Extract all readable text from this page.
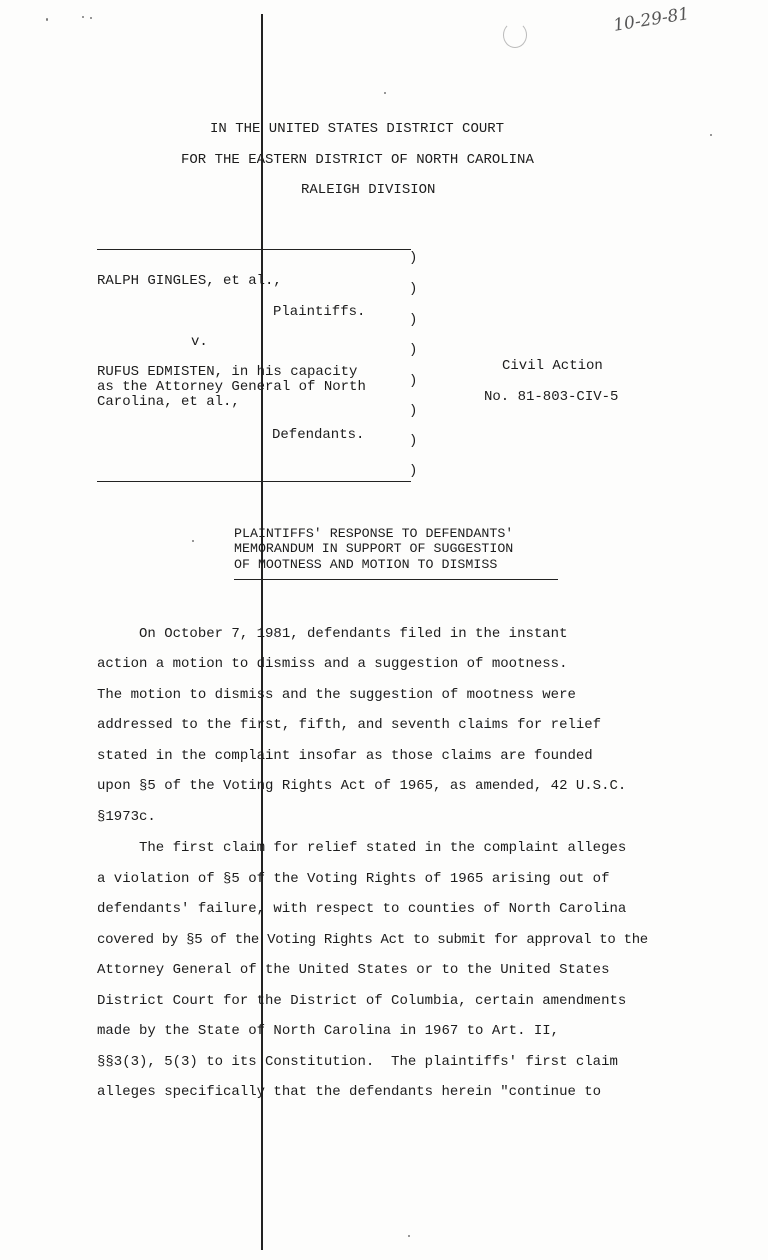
10-29-81
IN THE UNITED STATES DISTRICT COURT
FOR THE EASTERN DISTRICT OF NORTH CAROLINA
RALEIGH DIVISION
RALPH GINGLES, et al.,
Plaintiffs.
v.
RUFUS EDMISTEN, in his capacity
as the Attorney General of North
Carolina, et al.,
Defendants.
)
)
)
)
)
)
)
)
Civil Action
No. 81-803-CIV-5
PLAINTIFFS' RESPONSE TO DEFENDANTS'
MEMORANDUM IN SUPPORT OF SUGGESTION
OF MOOTNESS AND MOTION TO DISMISS
On October 7, 1981, defendants filed in the instant
action a motion to dismiss and a suggestion of mootness.
The motion to dismiss and the suggestion of mootness were
addressed to the first, fifth, and seventh claims for relief
stated in the complaint insofar as those claims are founded
upon §5 of the Voting Rights Act of 1965, as amended, 42 U.S.C.
§1973c.
The first claim for relief stated in the complaint alleges
a violation of §5 of the Voting Rights of 1965 arising out of
defendants' failure, with respect to counties of North Carolina
covered by §5 of the Voting Rights Act to submit for approval to the
Attorney General of the United States or to the United States
District Court for the District of Columbia, certain amendments
made by the State of North Carolina in 1967 to Art. II,
§§3(3), 5(3) to its Constitution.  The plaintiffs' first claim
alleges specifically that the defendants herein "continue to
